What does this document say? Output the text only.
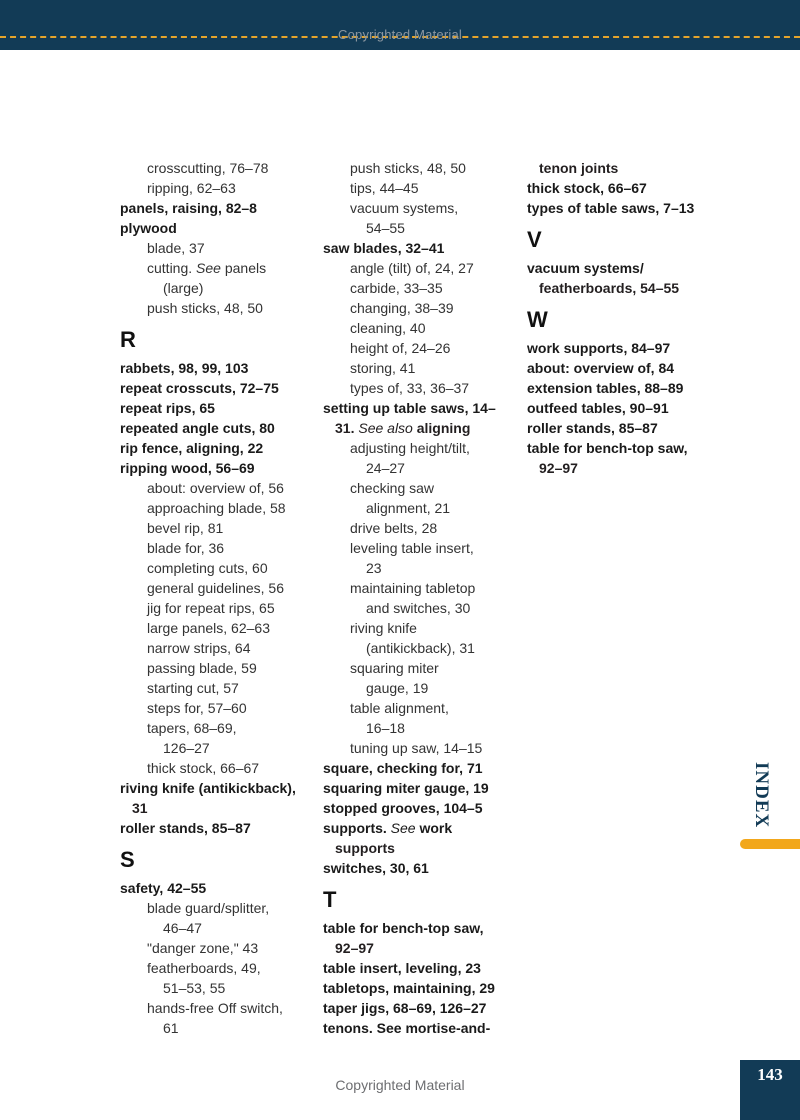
Copyrighted Material
crosscutting, 76–78
ripping, 62–63
panels, raising, 82–8
plywood
blade, 37
cutting. See panels
(large)
push sticks, 48, 50
R
rabbets, 98, 99, 103
repeat crosscuts, 72–75
repeat rips, 65
repeated angle cuts, 80
rip fence, aligning, 22
ripping wood, 56–69
about: overview of, 56
approaching blade, 58
bevel rip, 81
blade for, 36
completing cuts, 60
general guidelines, 56
jig for repeat rips, 65
large panels, 62–63
narrow strips, 64
passing blade, 59
starting cut, 57
steps for, 57–60
tapers, 68–69,
126–27
thick stock, 66–67
riving knife (antikickback),
31
roller stands, 85–87
S
safety, 42–55
blade guard/splitter,
46–47
"danger zone," 43
featherboards, 49,
51–53, 55
hands-free Off switch,
61
push sticks, 48, 50
tips, 44–45
vacuum systems,
54–55
saw blades, 32–41
angle (tilt) of, 24, 27
carbide, 33–35
changing, 38–39
cleaning, 40
height of, 24–26
storing, 41
types of, 33, 36–37
setting up table saws, 14–
31. See also aligning
adjusting height/tilt,
24–27
checking saw
alignment, 21
drive belts, 28
leveling table insert,
23
maintaining tabletop
and switches, 30
riving knife
(antikickback), 31
squaring miter
gauge, 19
table alignment,
16–18
tuning up saw, 14–15
square, checking for, 71
squaring miter gauge, 19
stopped grooves, 104–5
supports. See work
supports
switches, 30, 61
T
table for bench-top saw,
92–97
table insert, leveling, 23
tabletops, maintaining, 29
taper jigs, 68–69, 126–27
tenons. See mortise-and-
tenon joints
thick stock, 66–67
types of table saws, 7–13
V
vacuum systems/
featherboards, 54–55
W
work supports, 84–97
about: overview of, 84
extension tables, 88–89
outfeed tables, 90–91
roller stands, 85–87
table for bench-top saw,
92–97
INDEX
Copyrighted Material
143
